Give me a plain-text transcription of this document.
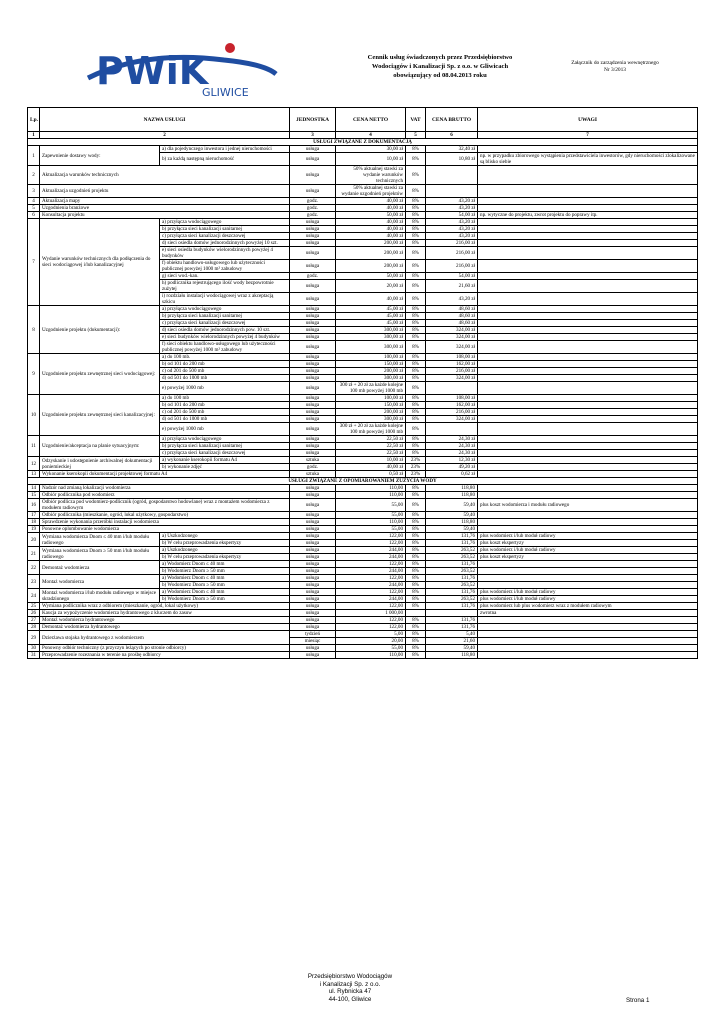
PWiK
GLIWICE
Cennik usług świadczonych przez Przedsiębiorstwo
Wodociągów i Kanalizacji Sp. z o.o. w Gliwicach
obowiązujący od 08.04.2013 roku
Załącznik do zarządzenia wewnętrznego
Nr 3/2013
Lp.	NAZWA USŁUGI		JEDNOSTKA	CENA NETTO	VAT	CENA BRUTTO	UWAGI
1	2		3	4	5	6	7
USŁUGI ZWIĄZANE Z DOKUMENTACJĄ							
1	Zapewnienie dostawy wody:	a) dla pojedynczego inwestora i jednej nieruchomości	usługa	30,00 zł	8%	32,40 zł	
		b) za każdą następną nieruchomość	usługa	10,00 zł	8%	10,80 zł	np. w przypadku zbiorowego wystąpienia przedstawiciela inwestorów, gdy nieruchomości zlokalizowane są blisko siebie
2	Aktualizacja warunków technicznych		usługa	50% aktualnej stawki za wydanie warunków technicznych	8%		
3	Aktualizacja uzgodnień projektu		usługa	50% aktualnej stawki za wydanie uzgodnień projektów	8%		
4	Aktualizacja mapy		godz.	40,00 zł	8%	43,20 zł	
5	Uzgodnienia branżowe		godz.	40,00 zł	8%	43,20 zł	
6	Konsultacja projektu		godz.	50,00 zł	8%	54,00 zł	np. wytyczne do projektu, zwrot projektu do poprawy itp.
7	Wydanie warunków technicznych dla podłączenia do sieci wodociągowej i/lub kanalizacyjnej	a) przyłącza wodociągowego	usługa	40,00 zł	8%	43,20 zł	
		b) przyłącza sieci kanalizacji sanitarnej	usługa	40,00 zł	8%	43,20 zł	
		c) przyłącza sieci kanalizacji deszczowej	usługa	40,00 zł	8%	43,20 zł	
		d) sieci osiedla domów jednorodzinnych powyżej 10 szt.	usługa	200,00 zł	8%	216,00 zł	
		e) sieci osiedla budynków wielorodzinnych powyżej 4 budynków	usługa	200,00 zł	8%	216,00 zł	
		f) obiektu handlowo-usługowego lub użyteczności publicznej powyżej 1000 m² zabudowy	usługa	200,00 zł	8%	216,00 zł	
		g) sieci wod.-kan.	godz.	50,00 zł	8%	54,00 zł	
		h) podlicznika rejestrującego ilość wody bezpowrotnie zużytej	usługa	20,00 zł	8%	21,60 zł	
		i) rozdziału instalacji wodociągowej wraz z akceptacją szkicu	usługa	40,00 zł	8%	43,20 zł	
8	Uzgodnienie projektu (dokumentacji):	a) przyłącza wodociągowego	usługa	45,00 zł	8%	48,60 zł	
		b) przyłącza sieci kanalizacji sanitarnej	usługa	45,00 zł	8%	48,60 zł	
		c) przyłącza sieci kanalizacji deszczowej	usługa	45,00 zł	8%	48,60 zł	
		d) sieci osiedla domów jednorodzinnych pow. 10 szt.	usługa	300,00 zł	8%	324,00 zł	
		e) sieci budynków wielorodzinnych powyżej 4 budynków	usługa	300,00 zł	8%	324,00 zł	
		f) sieci obiektu handlowo-usługowego lub użyteczności publicznej powyżej 1000 m² zabudowy	usługa	300,00 zł	8%	324,00 zł	
9	Uzgodnienie projektu zewnętrznej sieci wodociągowej:	a) do 100 mb.	usługa	100,00 zł	8%	108,00 zł	
		b) od 101 do 200 mb	usługa	150,00 zł	8%	162,00 zł	
		c) od 201 do 500 mb	usługa	200,00 zł	8%	216,00 zł	
		d) od 501 do 1000 mb	usługa	300,00 zł	8%	324,00 zł	
		e) powyżej 1000 mb	usługa	300 zł + 20 zł za każde kolejne 100 mb powyżej 1000 mb	8%		
10	Uzgodnienie projektu zewnętrznej sieci kanalizacyjnej:	a) do 100 mb	usługa	100,00 zł	8%	108,00 zł	
		b) od 101 do 200 mb	usługa	150,00 zł	8%	162,00 zł	
		c) od 201 do 500 mb	usługa	200,00 zł	8%	216,00 zł	
		d) od 501 do 1000 mb	usługa	300,00 zł	8%	324,00 zł	
		e) powyżej 1000 mb	usługa	300 zł + 20 zł za każde kolejne 100 mb powyżej 1000 mb	8%		
11	Uzgodnienie/akceptacja na planie sytuacyjnym:	a) przyłącza wodociągowego	usługa	22,50 zł	8%	24,30 zł	
		b) przyłącza sieci kanalizacji sanitarnej	usługa	22,50 zł	8%	24,30 zł	
		c) przyłącza sieci kanalizacji deszczowej	usługa	22,50 zł	8%	24,30 zł	
12	Odzyskanie i udostępnienie archiwalnej dokumentacji poniemieckiej	a) wykonanie kserokopii formatu A4	sztuka	10,00 zł	23%	12,30 zł	
		b) wykonanie zdjęć	godz.	40,00 zł	23%	49,20 zł	
13	Wykonanie kserokopii dokumentacji projektowej formatu A4		sztuka	0,50 zł	23%	0,62 zł	
USŁUGI ZWIĄZANE Z OPOMIAROWANIEM ZUŻYCIA WODY							
14	Nadzór nad zmianą lokalizacji wodomierza		usługa	110,00	8%	118,80	
15	Odbiór podlicznika pod wodomierz		usługa	110,00	8%	118,80	
16	Odbiór podlicza pod wodomierz-podlicznik (ogród, gospodarstwo hodowlane) wraz z montażem wodomierza z modułem radiowym		usługa	55,00	8%	59,40	plus koszt wodomierza i modułu radiowego
17	Odbiór podlicznika (mieszkanie, ogród, lokal użytkowy, gospodarstwo)		usługa	55,00	8%	59,40	
18	Sprawdzenie wykonania przeróbki instalacji wodomierza		usługa	110,00	8%	118,80	
19	Ponowne oplombowanie wodomierza		usługa	55,00	8%	59,40	
20	Wymiana wodomierza Dnom ≤ 40 mm i/lub modułu radiowego	a) Uszkodzonego	usługa	122,00	8%	131,76	plus wodomierz i/lub moduł radiowy
		b) W celu przeprowadzenia ekspertyzy	usługa	122,00	8%	131,76	plus koszt ekspertyzy
21	Wymiana wodomierza Dnom ≥ 50 mm i/lub modułu radiowego	a) Uszkodzonego	usługa	244,00	8%	263,52	plus wodomierz i/lub moduł radiowy
		b) W celu przeprowadzenia ekspertyzy	usługa	244,00	8%	263,52	plus koszt ekspertyzy
22	Demontaż wodomierza	a) Wodomierz Dnom ≤ 40 mm	usługa	122,00	8%	131,76	
		b) Wodomierz Dnom ≥ 50 mm	usługa	244,00	8%	263,52	
23	Montaż wodomierza	a) Wodomierz Dnom ≤ 40 mm	usługa	122,00	8%	131,76	
		b) Wodomierz Dnom ≥ 50 mm	usługa	244,00	8%	263,52	
24	Montaż wodomierza i/lub modułu radiowego w miejsce skradzionego	a) Wodomierz Dnom ≤ 40 mm	usługa	122,00	8%	131,76	plus wodomierz i/lub moduł radiowy
		b) Wodomierz Dnom ≥ 50 mm	usługa	244,00	8%	263,52	plus wodomierz i/lub moduł radiowy
25	Wymiana podlicznika wraz z odbiorem (mieszkanie, ogród, lokal użytkowy)		usługa	122,00	8%	131,76	plus wodomierz lub plus wodomierz wraz z modułem radiowym
26	Kaucja za wypożyczenie wodomierza hydrantowego z kluczem do zasuw		usługa	1 000,00			zwrotna
27	Montaż wodomierza hydrantowego		usługa	122,00	8%	131,76	
28	Demontaż wodomierza hydrantowego		usługa	122,00	8%	131,76	
29	Dzierżawa stojaka hydrantowego z wodomierzem		tydzień	5,00	8%	5,40	
			miesiąc	20,00	8%	21,60	
30	Ponowny odbiór techniczny (z przyczyn leżących po stronie odbiorcy)		usługa	55,00	8%	59,40	
31	Przeprowadzenie rozeznania w terenie na prośbę odbiorcy		usługa	110,00	8%	118,80	
Przedsiębiorstwo Wodociągów
i Kanalizacji Sp. z o.o.
ul. Rybnicka 47
44-100, Gliwice	Strona 1
